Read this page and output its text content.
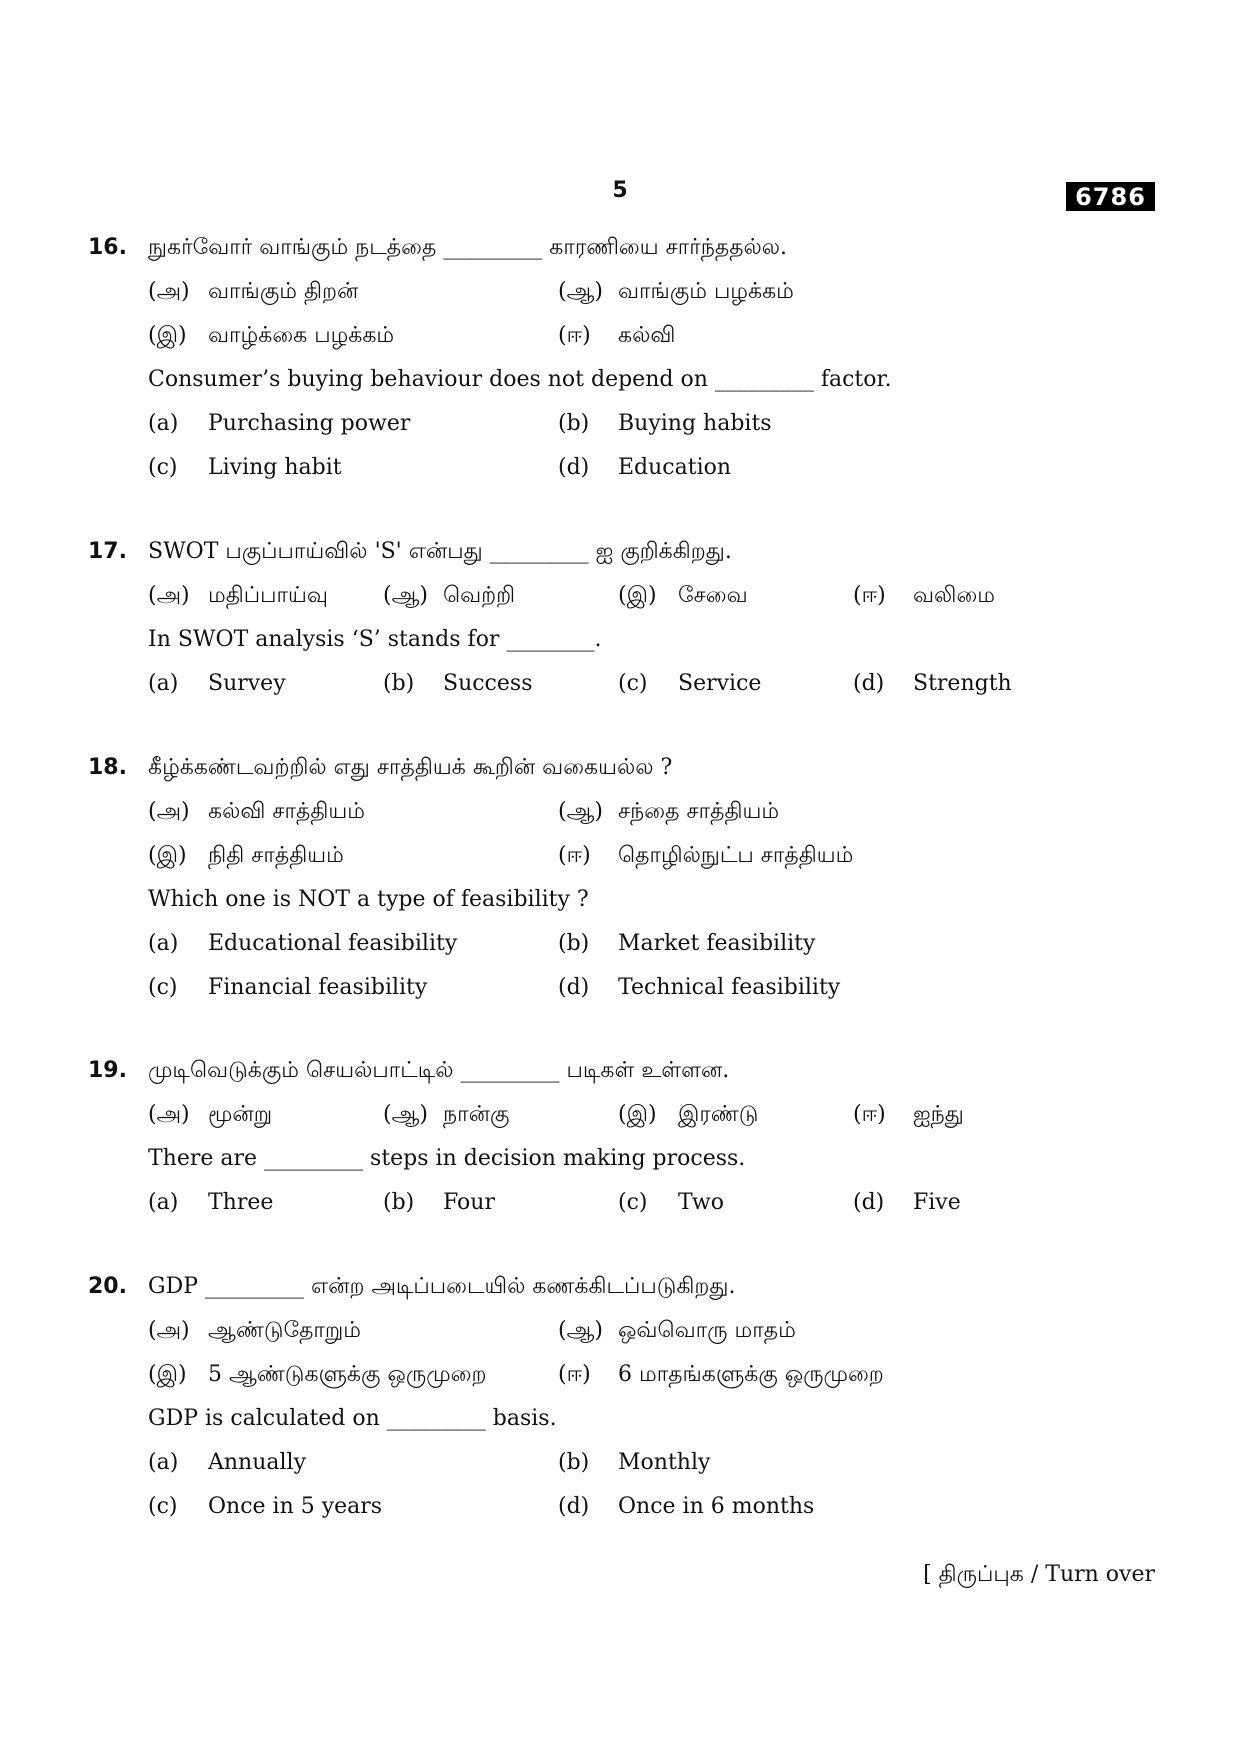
5	6786
16. நுகர்வோர் வாங்கும் நடத்தை _________ காரணியை சார்ந்ததல்ல.
(அ) வாங்கும் திறன்	(ஆ) வாங்கும் பழக்கம்
(இ) வாழ்க்கை பழக்கம்	(ஈ) கல்வி
Consumer’s buying behaviour does not depend on _________ factor.
(a) Purchasing power	(b) Buying habits
(c) Living habit	(d) Education
17. SWOT பகுப்பாய்வில் 'S' என்பது _________ ஐ குறிக்கிறது.
(அ) மதிப்பாய்வு	(ஆ) வெற்றி	(இ) சேவை	(ஈ) வலிமை
In SWOT analysis ‘S’ stands for ________.
(a) Survey	(b) Success	(c) Service	(d) Strength
18. கீழ்க்கண்டவற்றில் எது சாத்தியக் கூறின் வகையல்ல ?
(அ) கல்வி சாத்தியம்	(ஆ) சந்தை சாத்தியம்
(இ) நிதி சாத்தியம்	(ஈ) தொழில்நுட்ப சாத்தியம்
Which one is NOT a type of feasibility ?
(a) Educational feasibility	(b) Market feasibility
(c) Financial feasibility	(d) Technical feasibility
19. முடிவெடுக்கும் செயல்பாட்டில் _________ படிகள் உள்ளன.
(அ) மூன்று	(ஆ) நான்கு	(இ) இரண்டு	(ஈ) ஐந்து
There are _________ steps in decision making process.
(a) Three	(b) Four	(c) Two	(d) Five
20. GDP _________ என்ற அடிப்படையில் கணக்கிடப்படுகிறது.
(அ) ஆண்டுதோறும்	(ஆ) ஒவ்வொரு மாதம்
(இ) 5 ஆண்டுகளுக்கு ஒருமுறை	(ஈ) 6 மாதங்களுக்கு ஒருமுறை
GDP is calculated on _________ basis.
(a) Annually	(b) Monthly
(c) Once in 5 years	(d) Once in 6 months
[ திருப்புக / Turn over
